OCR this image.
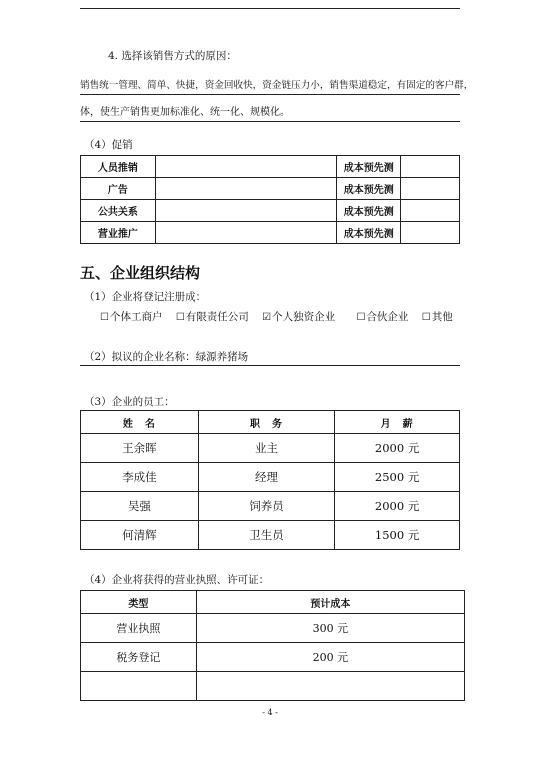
4. 选择该销售方式的原因：
销售统一管理、简单、快捷，资金回收快，资金链压力小，销售渠道稳定，有固定的客户群，
体，使生产销售更加标准化、统一化、规模化。
（4）促销
人员推销		成本预先测	
广告		成本预先测	
公共关系		成本预先测	
营业推广		成本预先测	
五、企业组织结构
（1）企业将登记注册成：
☐个体工商户 ☐有限责任公司 ☑个人独资企业 ☐合伙企业 ☐其他
（2）拟议的企业名称：绿源养猪场
（3）企业的员工：
姓　名	职　务	月　薪
王余晖	业主	2000 元
李成佳	经理	2500 元
吴强	饲养员	2000 元
何清辉	卫生员	1500 元
（4）企业将获得的营业执照、许可证：
类型	预计成本
营业执照	300 元
税务登记	200 元

- 4 -
